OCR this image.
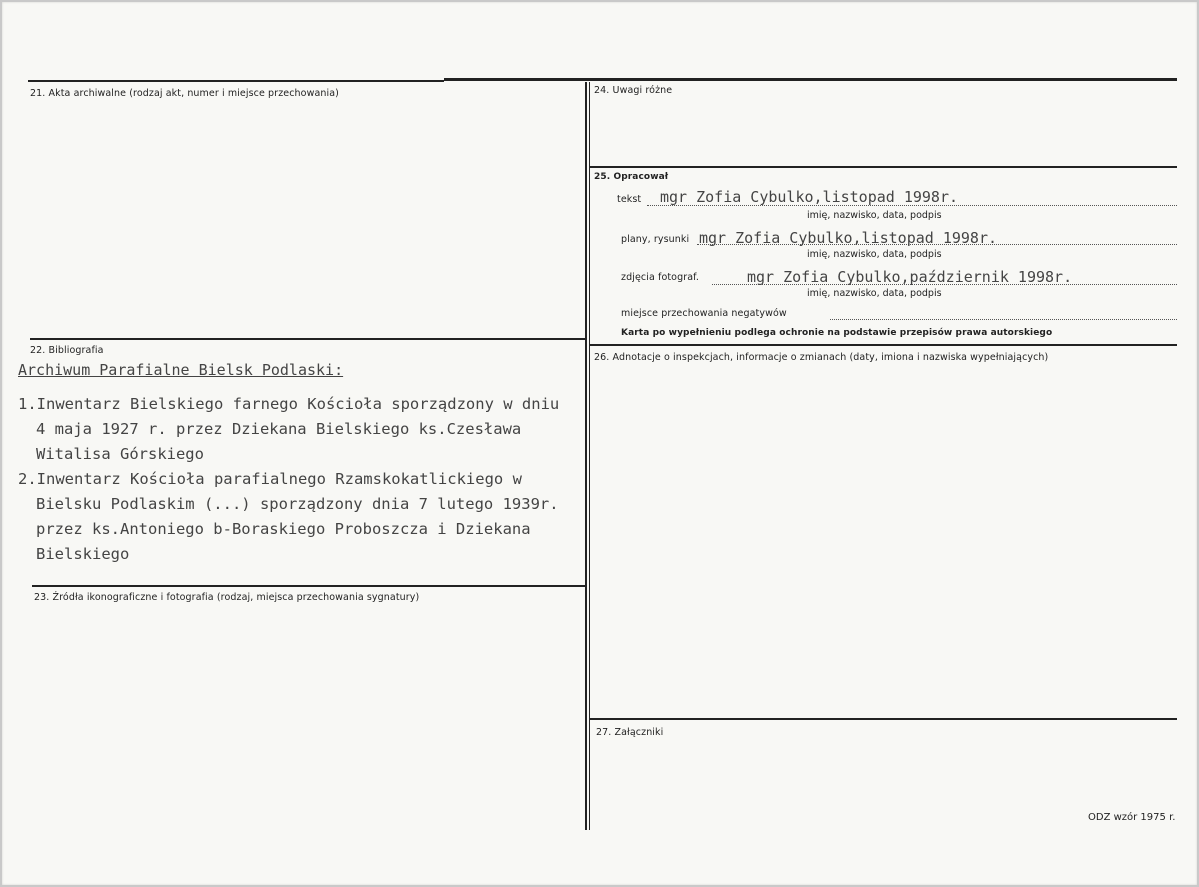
21. Akta archiwalne (rodzaj akt, numer i miejsce przechowania)	24. Uwagi różne
25. Opracował
tekst mgr Zofia Cybulko,listopad 1998r.
imię, nazwisko, data, podpis
plany, rysunki mgr Zofia Cybulko,listopad 1998r.
imię, nazwisko, data, podpis
zdjęcia fotograf.	mgr Zofia Cybulko,październik 1998r.
imię, nazwisko, data, podpis
miejsce przechowania negatywów
Karta po wypełnieniu podlega ochronie na podstawie przepisów prawa autorskiego
22. Bibliografia
Archiwum Parafialne Bielsk Podlaski:
1.Inwentarz Bielskiego farnego Kościoła sporządzony w dniu
4 maja 1927 r. przez Dziekana Bielskiego ks.Czesława
Witalisa Górskiego
2.Inwentarz Kościoła parafialnego Rzamskokatlickiego w
Bielsku Podlaskim (...) sporządzony dnia 7 lutego 1939r.
przez ks.Antoniego b-Boraskiego Proboszcza i Dziekana
Bielskiego
26. Adnotacje o inspekcjach, informacje o zmianach (daty, imiona i nazwiska wypełniających)
23. Źródła ikonograficzne i fotografia (rodzaj, miejsca przechowania sygnatury)
27. Załączniki
ODZ wzór 1975 r.
